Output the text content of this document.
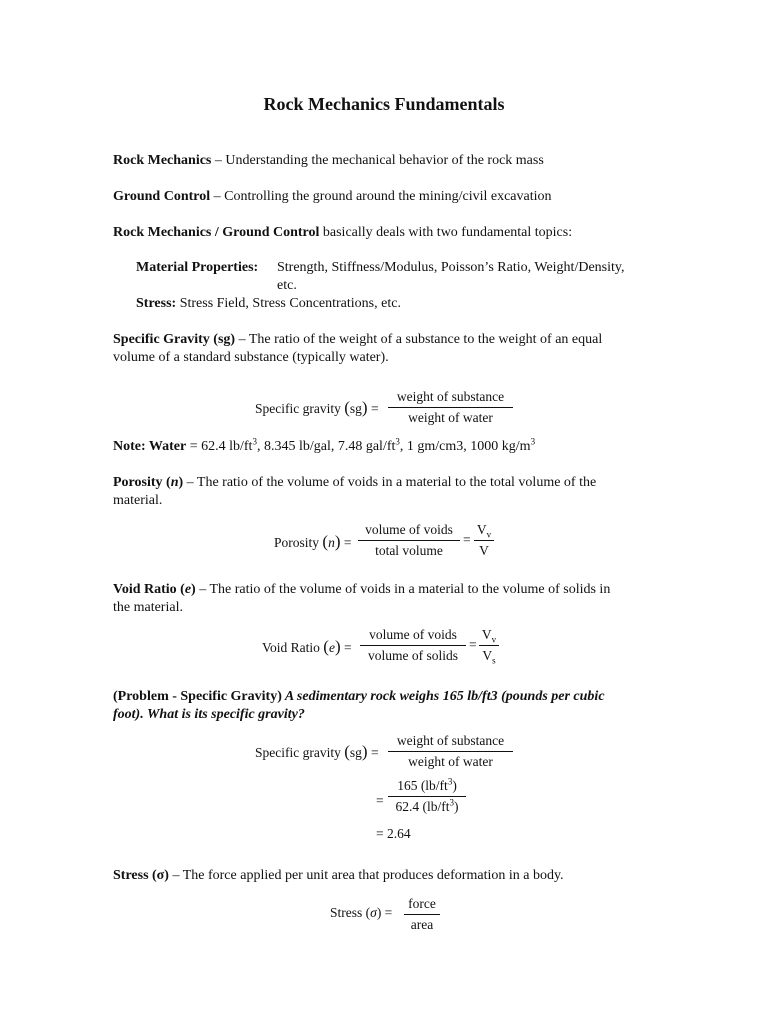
Rock Mechanics Fundamentals
Rock Mechanics – Understanding the mechanical behavior of the rock mass
Ground Control – Controlling the ground around the mining/civil excavation
Rock Mechanics / Ground Control basically deals with two fundamental topics:
Material Properties: Strength, Stiffness/Modulus, Poisson’s Ratio, Weight/Density,
etc.
Stress: Stress Field, Stress Concentrations, etc.
Specific Gravity (sg) – The ratio of the weight of a substance to the weight of an equal
volume of a standard substance (typically water).
Specific gravity (sg) =
weight of substance
weight of water
Note: Water = 62.4 $lb/ft^3$, 8.345 lb/gal, 7.48 gal/$ft^3$, 1 gm/cm3, 1000 $kg/m^3$
Porosity (n) – The ratio of the volume of voids in a material to the total volume of the
material.
Porosity (n) =
volume of voids
total volume
= $\frac{V_v}{V}$
Void Ratio (e) – The ratio of the volume of voids in a material to the volume of solids in
the material.
Void Ratio (e) =
volume of voids
volume of solids
= $\frac{V_v}{V_s}$
(Problem - Specific Gravity) A sedimentary rock weighs 165 lb/ft3 (pounds per cubic
foot). What is its specific gravity?
Specific gravity (sg) =
weight of substance
weight of water
= $\frac{165 (lb/ft^3)}{62.4 (lb/ft^3)}$
= 2.64
Stress (σ) – The force applied per unit area that produces deformation in a body.
Stress (σ) =
force
area
